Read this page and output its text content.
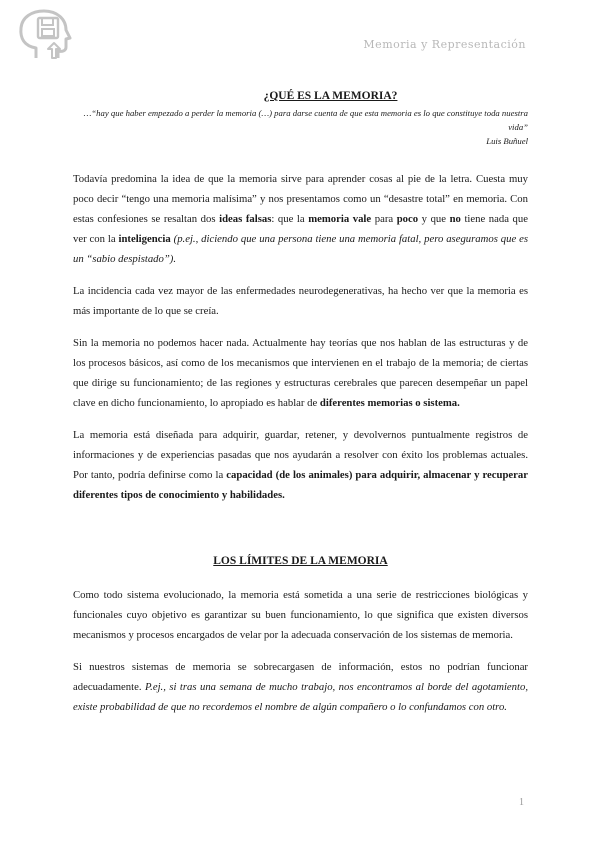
Memoria y Representación
¿QUÉ ES LA MEMORIA?
…“hay que haber empezado a perder la memoria (…) para darse cuenta de que esta memoria es lo que constituye toda nuestra vida”
Luis Buñuel

Todavía predomina la idea de que la memoria sirve para aprender cosas al pie de la letra. Cuesta muy poco decir “tengo una memoria malísima” y nos presentamos como un “desastre total” en memoria. Con estas confesiones se resaltan dos ideas falsas: que la memoria vale para poco y que no tiene nada que ver con la inteligencia (p.ej., diciendo que una persona tiene una memoria fatal, pero aseguramos que es un “sabio despistado”).

La incidencia cada vez mayor de las enfermedades neurodegenerativas, ha hecho ver que la memoria es más importante de lo que se creía.

Sin la memoria no podemos hacer nada. Actualmente hay teorías que nos hablan de las estructuras y de los procesos básicos, así como de los mecanismos que intervienen en el trabajo de la memoria; de ciertas que dirige su funcionamiento; de las regiones y estructuras cerebrales que parecen desempeñar un papel clave en dicho funcionamiento, lo apropiado es hablar de diferentes memorias o sistema.

La memoria está diseñada para adquirir, guardar, retener, y devolvernos puntualmente registros de informaciones y de experiencias pasadas que nos ayudarán a resolver con éxito los problemas actuales. Por tanto, podría definirse como la capacidad (de los animales) para adquirir, almacenar y recuperar diferentes tipos de conocimiento y habilidades.

LOS LÍMITES DE LA MEMORIA

Como todo sistema evolucionado, la memoria está sometida a una serie de restricciones biológicas y funcionales cuyo objetivo es garantizar su buen funcionamiento, lo que significa que existen diversos mecanismos y procesos encargados de velar por la adecuada conservación de los sistemas de memoria.

Si nuestros sistemas de memoria se sobrecargasen de información, estos no podrían funcionar adecuadamente. P.ej., si tras una semana de mucho trabajo, nos encontramos al borde del agotamiento, existe probabilidad de que no recordemos el nombre de algún compañero o lo confundamos con otro.

1
